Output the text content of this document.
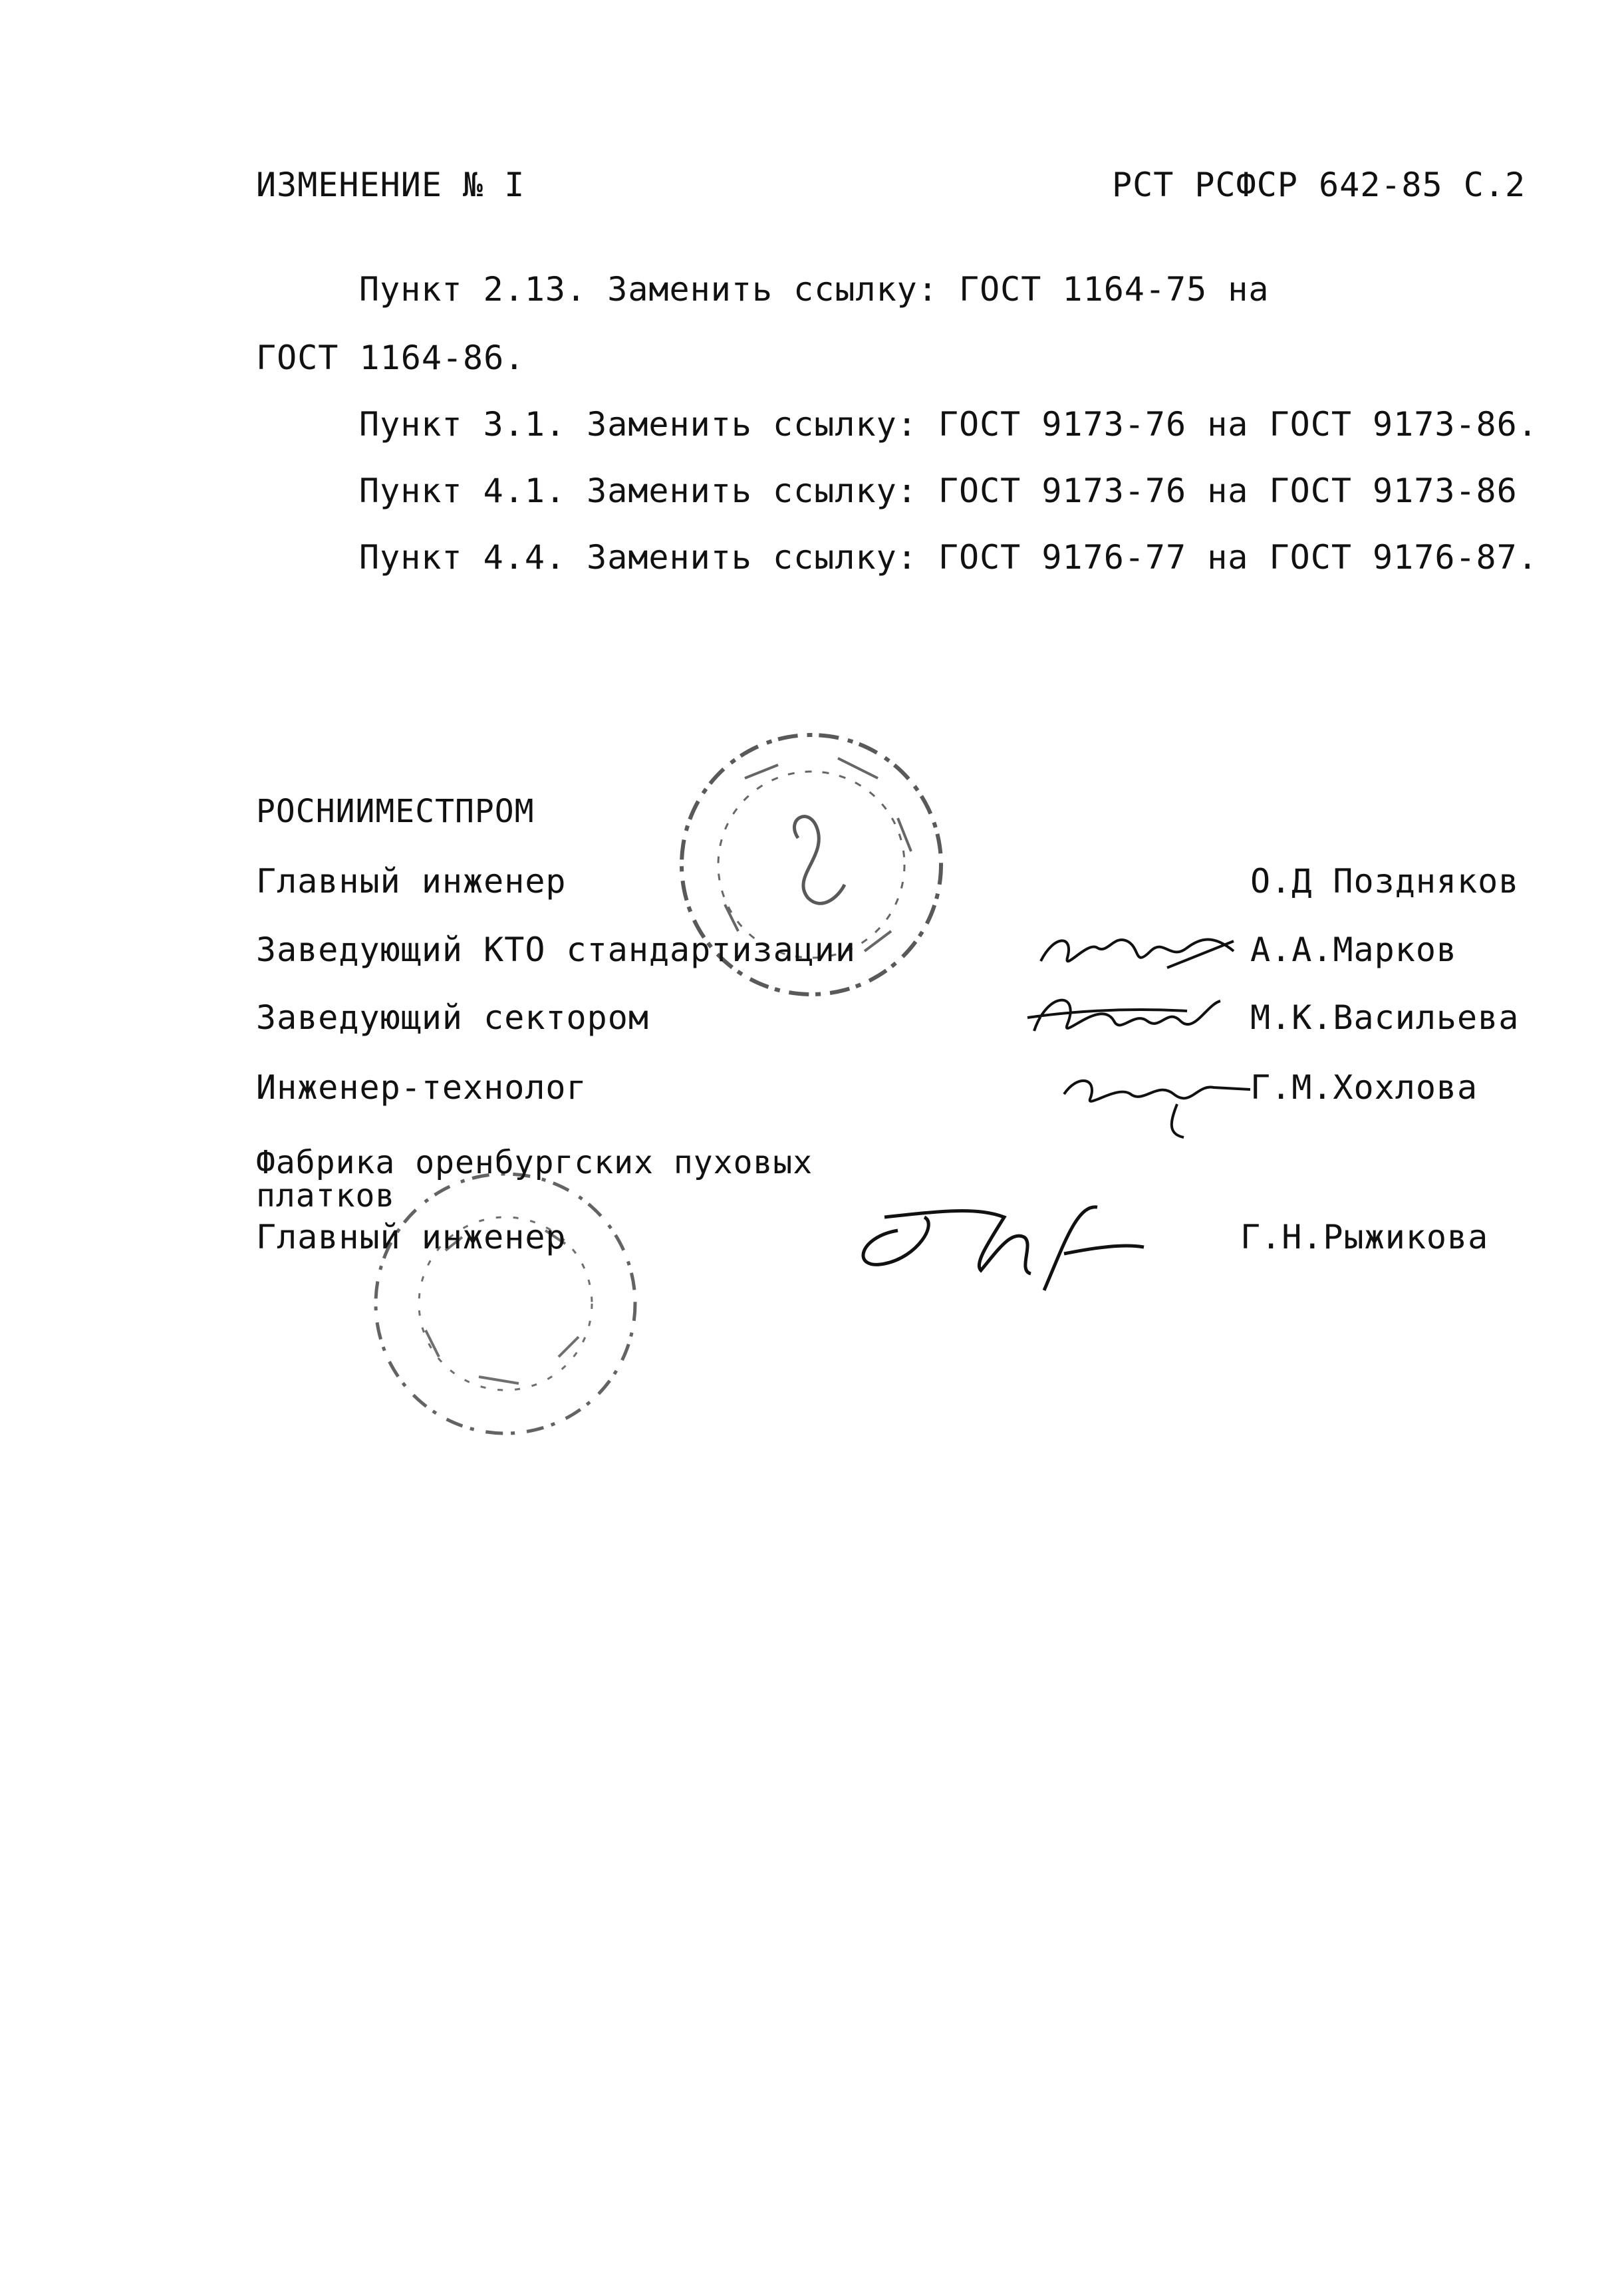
ИЗМЕНЕНИЕ № I	РСТ РСФСР 642-85 С.2
Пункт 2.13. Заменить ссылку: ГОСТ 1164-75 на
ГОСТ 1164-86.
Пункт 3.1. Заменить ссылку: ГОСТ 9173-76 на ГОСТ 9173-86.
Пункт 4.1. Заменить ссылку: ГОСТ 9173-76 на ГОСТ 9173-86
Пункт 4.4. Заменить ссылку: ГОСТ 9176-77 на ГОСТ 9176-87.
РОСНИИМЕСТПРОМ
Главный инженер	О.Д Поздняков
Заведующий КТО стандартизации	А.А.Марков
Заведующий сектором	М.К.Васильева
Инженер-технолог	Г.М.Хохлова
Фабрика оренбургских пуховых
платков
Главный инженер	Г.Н.Рыжикова
